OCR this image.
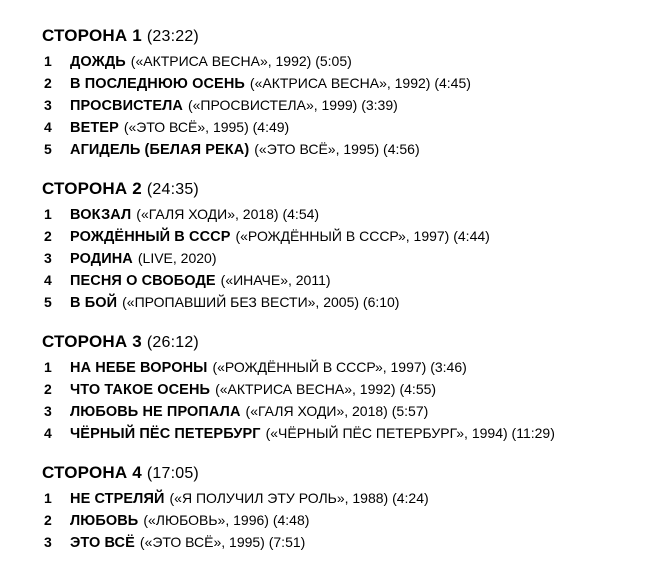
СТОРОНА 1 (23:22)
1	ДОЖДЬ («АКТРИСА ВЕСНА», 1992) (5:05)
2	В ПОСЛЕДНЮЮ ОСЕНЬ («АКТРИСА ВЕСНА», 1992) (4:45)
3	ПРОСВИСТЕЛА («ПРОСВИСТЕЛА», 1999) (3:39)
4	ВЕТЕР («ЭТО ВСЁ», 1995) (4:49)
5	АГИДЕЛЬ (БЕЛАЯ РЕКА) («ЭТО ВСЁ», 1995) (4:56)
СТОРОНА 2 (24:35)
1	ВОКЗАЛ («ГАЛЯ ХОДИ», 2018) (4:54)
2	РОЖДЁННЫЙ В СССР («РОЖДЁННЫЙ В СССР», 1997) (4:44)
3	РОДИНА (LIVE, 2020)
4	ПЕСНЯ О СВОБОДЕ («ИНАЧЕ», 2011)
5	В БОЙ («ПРОПАВШИЙ БЕЗ ВЕСТИ», 2005) (6:10)
СТОРОНА 3 (26:12)
1	НА НЕБЕ ВОРОНЫ («РОЖДЁННЫЙ В СССР», 1997) (3:46)
2	ЧТО ТАКОЕ ОСЕНЬ («АКТРИСА ВЕСНА», 1992) (4:55)
3	ЛЮБОВЬ НЕ ПРОПАЛА («ГАЛЯ ХОДИ», 2018) (5:57)
4	ЧЁРНЫЙ ПЁС ПЕТЕРБУРГ («ЧЁРНЫЙ ПЁС ПЕТЕРБУРГ», 1994) (11:29)
СТОРОНА 4 (17:05)
1	НЕ СТРЕЛЯЙ («Я ПОЛУЧИЛ ЭТУ РОЛЬ», 1988) (4:24)
2	ЛЮБОВЬ («ЛЮБОВЬ», 1996) (4:48)
3	ЭТО ВСЁ («ЭТО ВСЁ», 1995) (7:51)
